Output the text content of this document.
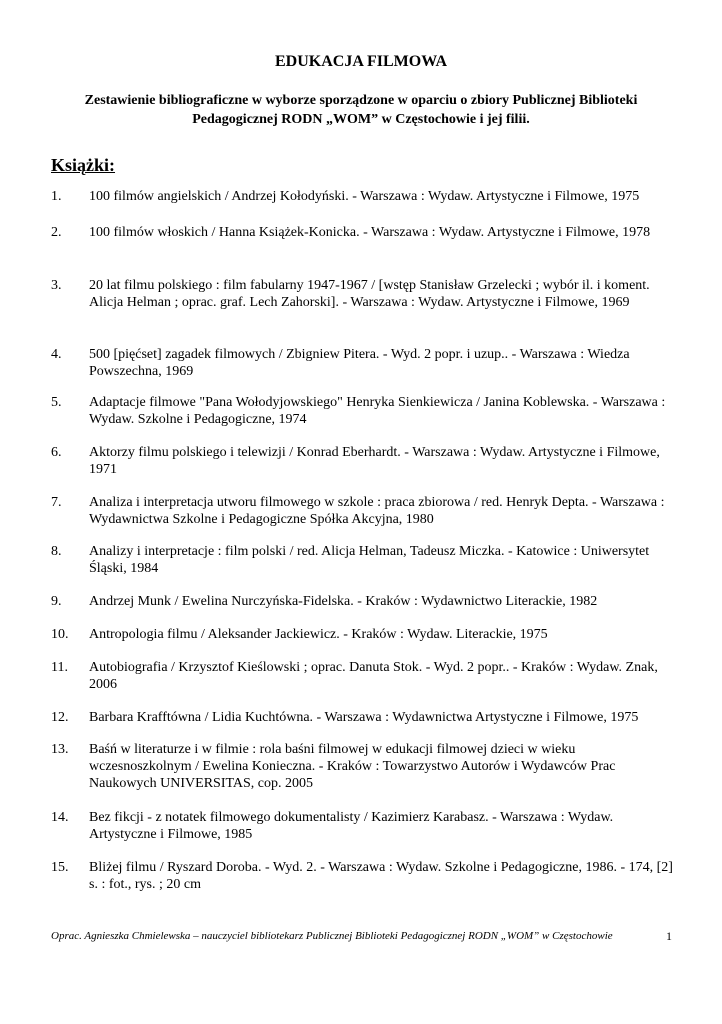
EDUKACJA FILMOWA

Zestawienie bibliograficzne w wyborze sporządzone w oparciu o zbiory Publicznej Biblioteki Pedagogicznej RODN „WOM” w Częstochowie i jej filii.

Książki:
1.	100 filmów angielskich / Andrzej Kołodyński. - Warszawa : Wydaw. Artystyczne i Filmowe, 1975
2.	100 filmów włoskich / Hanna Książek-Konicka. - Warszawa : Wydaw. Artystyczne i Filmowe, 1978
3.	20 lat filmu polskiego : film fabularny 1947-1967 / [wstęp Stanisław Grzelecki ; wybór il. i koment. Alicja Helman ; oprac. graf. Lech Zahorski]. - Warszawa : Wydaw. Artystyczne i Filmowe, 1969
4.	500 [pięćset] zagadek filmowych / Zbigniew Pitera. - Wyd. 2 popr. i uzup.. - Warszawa : Wiedza Powszechna, 1969
5.	Adaptacje filmowe "Pana Wołodyjowskiego" Henryka Sienkiewicza / Janina Koblewska. - Warszawa : Wydaw. Szkolne i Pedagogiczne, 1974
6.	Aktorzy filmu polskiego i telewizji / Konrad Eberhardt. - Warszawa : Wydaw. Artystyczne i Filmowe, 1971
7.	Analiza i interpretacja utworu filmowego w szkole : praca zbiorowa / red. Henryk Depta. - Warszawa : Wydawnictwa Szkolne i Pedagogiczne Spółka Akcyjna, 1980
8.	Analizy i interpretacje : film polski / red. Alicja Helman, Tadeusz Miczka. - Katowice : Uniwersytet Śląski, 1984
9.	Andrzej Munk / Ewelina Nurczyńska-Fidelska. - Kraków : Wydawnictwo Literackie, 1982
10.	Antropologia filmu / Aleksander Jackiewicz. - Kraków : Wydaw. Literackie, 1975
11.	Autobiografia / Krzysztof Kieślowski ; oprac. Danuta Stok. - Wyd. 2 popr.. - Kraków : Wydaw. Znak, 2006
12.	Barbara Krafftówna / Lidia Kuchtówna. - Warszawa : Wydawnictwa Artystyczne i Filmowe, 1975
13.	Baśń w literaturze i w filmie : rola baśni filmowej w edukacji filmowej dzieci w wieku wczesnoszkolnym / Ewelina Konieczna. - Kraków : Towarzystwo Autorów i Wydawców Prac Naukowych UNIVERSITAS, cop. 2005
14.	Bez fikcji - z notatek filmowego dokumentalisty / Kazimierz Karabasz. - Warszawa : Wydaw. Artystyczne i Filmowe, 1985
15.	Bliżej filmu / Ryszard Doroba. - Wyd. 2. - Warszawa : Wydaw. Szkolne i Pedagogiczne, 1986. - 174, [2] s. : fot., rys. ; 20 cm

Oprac. Agnieszka Chmielewska – nauczyciel bibliotekarz Publicznej Biblioteki Pedagogicznej RODN „WOM” w Częstochowie	1
